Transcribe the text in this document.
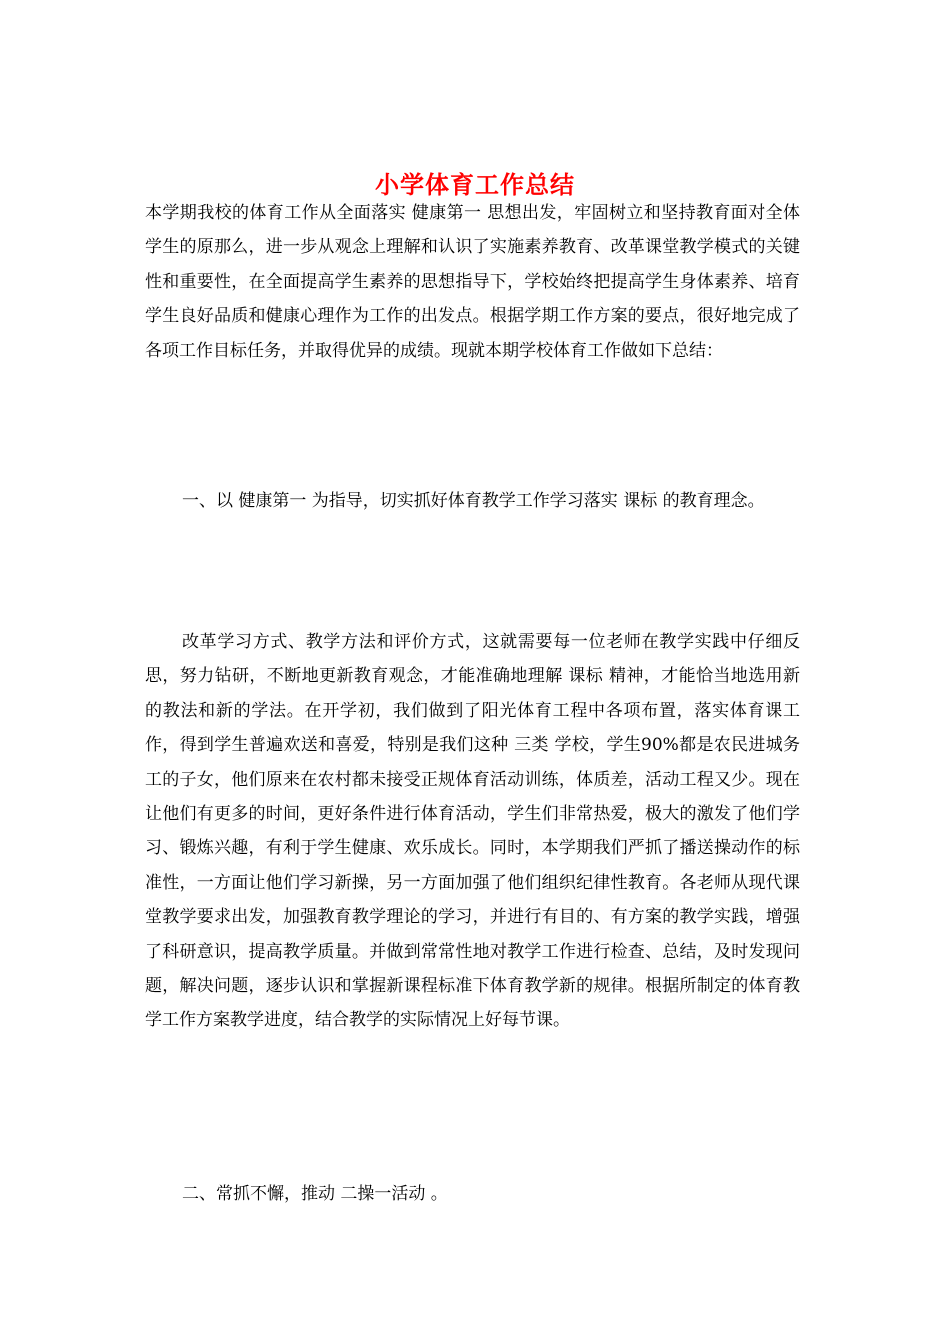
小学体育工作总结

本学期我校的体育工作从全面落实 健康第一 思想出发，牢固树立和坚持教育面对全体学生的原那么，进一步从观念上理解和认识了实施素养教育、改革课堂教学模式的关键性和重要性，在全面提高学生素养的思想指导下，学校始终把提高学生身体素养、培育学生良好品质和健康心理作为工作的出发点。根据学期工作方案的要点，很好地完成了各项工作目标任务，并取得优异的成绩。现就本期学校体育工作做如下总结：

一、以 健康第一 为指导，切实抓好体育教学工作学习落实 课标 的教育理念。

改革学习方式、教学方法和评价方式，这就需要每一位老师在教学实践中仔细反思，努力钻研，不断地更新教育观念，才能准确地理解 课标 精神，才能恰当地选用新的教法和新的学法。在开学初，我们做到了阳光体育工程中各项布置，落实体育课工作，得到学生普遍欢送和喜爱，特别是我们这种 三类 学校，学生90%都是农民进城务工的子女，他们原来在农村都未接受正规体育活动训练，体质差，活动工程又少。现在让他们有更多的时间，更好条件进行体育活动，学生们非常热爱，极大的激发了他们学习、锻炼兴趣，有利于学生健康、欢乐成长。同时，本学期我们严抓了播送操动作的标准性，一方面让他们学习新操，另一方面加强了他们组织纪律性教育。各老师从现代课堂教学要求出发，加强教育教学理论的学习，并进行有目的、有方案的教学实践，增强了科研意识，提高教学质量。并做到常常性地对教学工作进行检查、总结，及时发现问题，解决问题，逐步认识和掌握新课程标准下体育教学新的规律。根据所制定的体育教学工作方案教学进度，结合教学的实际情况上好每节课。

二、常抓不懈，推动 二操一活动 。
